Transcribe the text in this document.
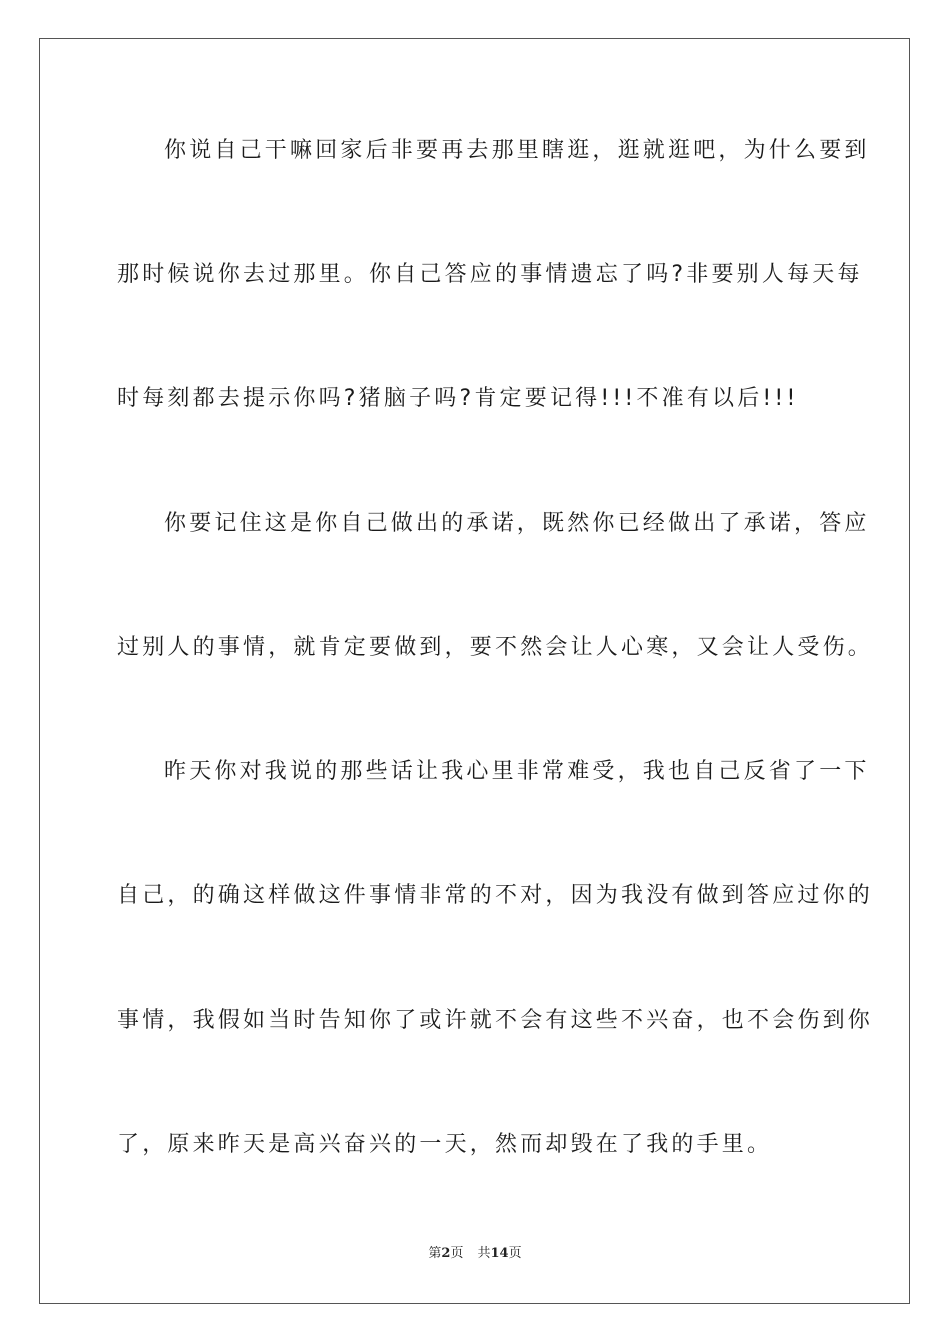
你说自己干嘛回家后非要再去那里瞎逛，逛就逛吧，为什么要到
那时候说你去过那里。你自己答应的事情遗忘了吗?非要别人每天每
时每刻都去提示你吗?猪脑子吗?肯定要记得!!!不准有以后!!!
你要记住这是你自己做出的承诺，既然你已经做出了承诺，答应
过别人的事情，就肯定要做到，要不然会让人心寒，又会让人受伤。
昨天你对我说的那些话让我心里非常难受，我也自己反省了一下
自己，的确这样做这件事情非常的不对，因为我没有做到答应过你的
事情，我假如当时告知你了或许就不会有这些不兴奋，也不会伤到你
了，原来昨天是高兴奋兴的一天，然而却毁在了我的手里。
第2页 共14页
